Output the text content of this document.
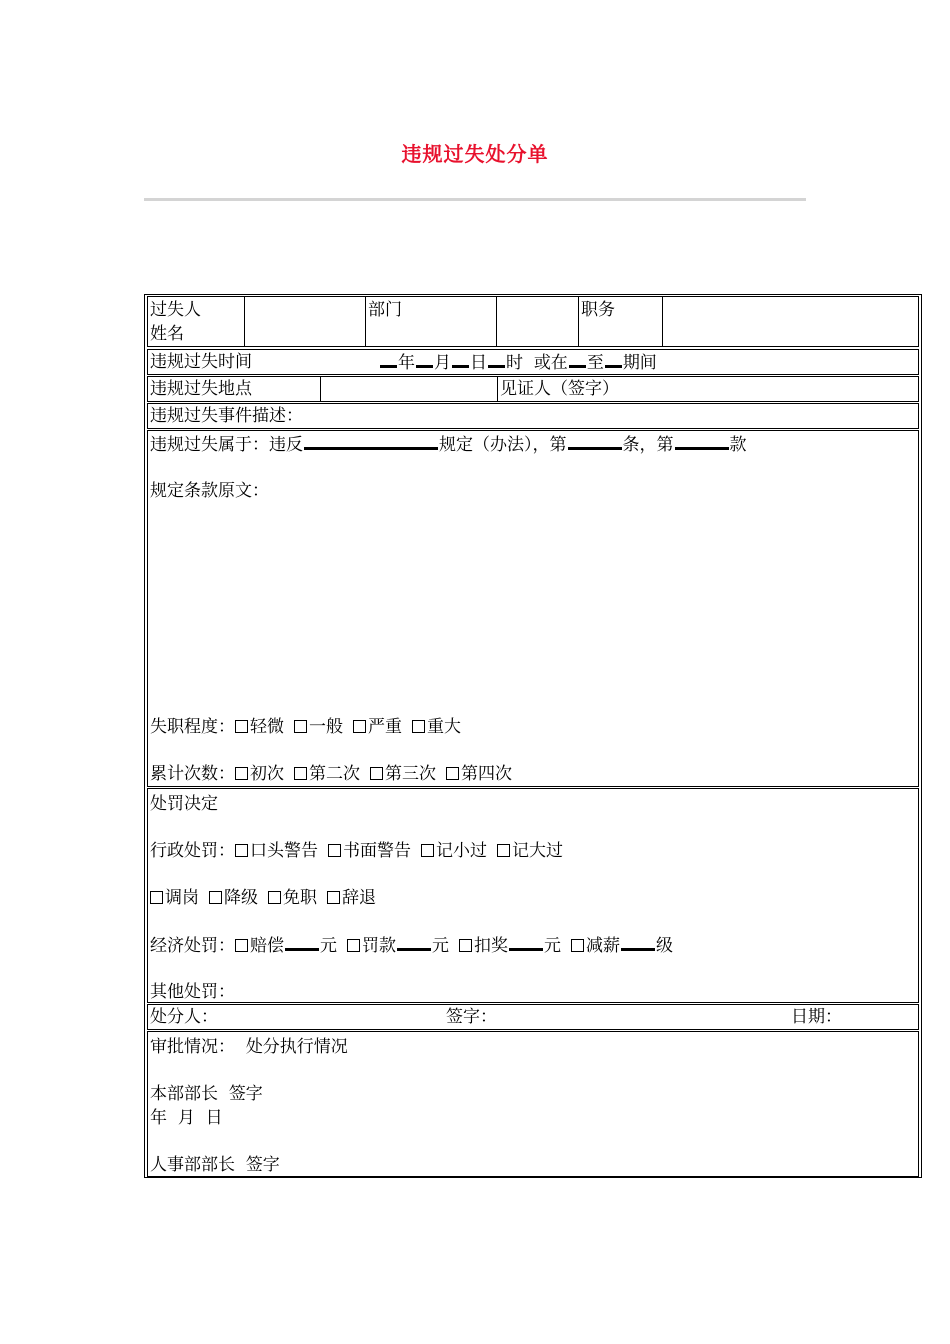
违规过失处分单
过失人
姓名
部门	职务
违规过失时间	年 月 日 时 或在 至 期间
违规过失地点	见证人（签字）
违规过失事件描述：
违规过失属于：违反	规定（办法），第	条，第	款
规定条款原文：
失职程度： 轻微 一般 严重 重大
累计次数： 初次 第二次 第三次 第四次
处罚决定
行政处罚： 口头警告 书面警告 记小过 记大过
调岗 降级 免职 辞退
经济处罚： 赔偿 元 罚款 元 扣奖 元 减薪 级
其他处罚：
处分人：	签字：	日期：
审批情况： 处分执行情况
本部部长 签字
年 月 日
人事部部长 签字
